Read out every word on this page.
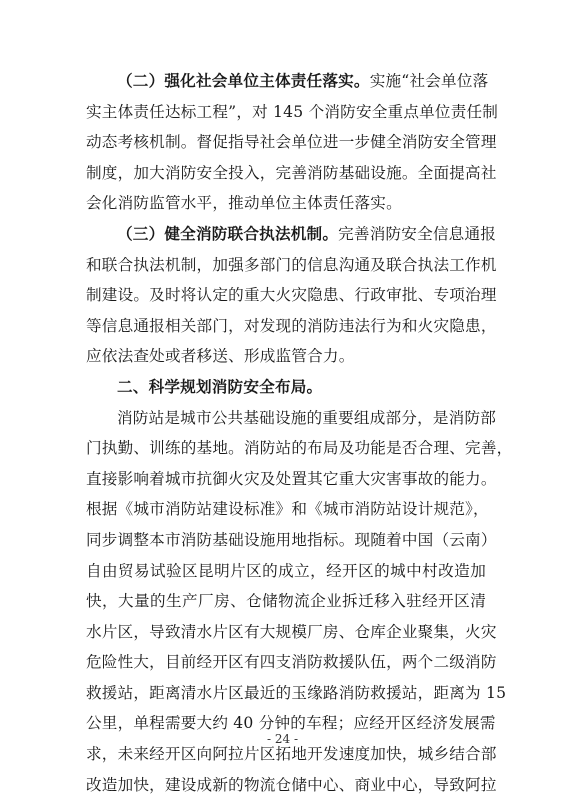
（二）强化社会单位主体责任落实。实施“社会单位落
实主体责任达标工程”，对 145 个消防安全重点单位责任制
动态考核机制。督促指导社会单位进一步健全消防安全管理
制度，加大消防安全投入，完善消防基础设施。全面提高社
会化消防监管水平，推动单位主体责任落实。
（三）健全消防联合执法机制。完善消防安全信息通报
和联合执法机制，加强多部门的信息沟通及联合执法工作机
制建设。及时将认定的重大火灾隐患、行政审批、专项治理
等信息通报相关部门，对发现的消防违法行为和火灾隐患，
应依法查处或者移送、形成监管合力。
二、科学规划消防安全布局。
消防站是城市公共基础设施的重要组成部分，是消防部
门执勤、训练的基地。消防站的布局及功能是否合理、完善，
直接影响着城市抗御火灾及处置其它重大灾害事故的能力。
根据《城市消防站建设标准》和《城市消防站设计规范》，
同步调整本市消防基础设施用地指标。现随着中国（云南）
自由贸易试验区昆明片区的成立，经开区的城中村改造加
快，大量的生产厂房、仓储物流企业拆迁移入驻经开区清
水片区，导致清水片区有大规模厂房、仓库企业聚集，火灾
危险性大，目前经开区有四支消防救援队伍，两个二级消防
救援站，距离清水片区最近的玉缘路消防救援站，距离为 15
公里，单程需要大约 40 分钟的车程；应经开区经济发展需
求，未来经开区向阿拉片区拓地开发速度加快，城乡结合部
改造加快，建设成新的物流仓储中心、商业中心，导致阿拉
- 24 -
